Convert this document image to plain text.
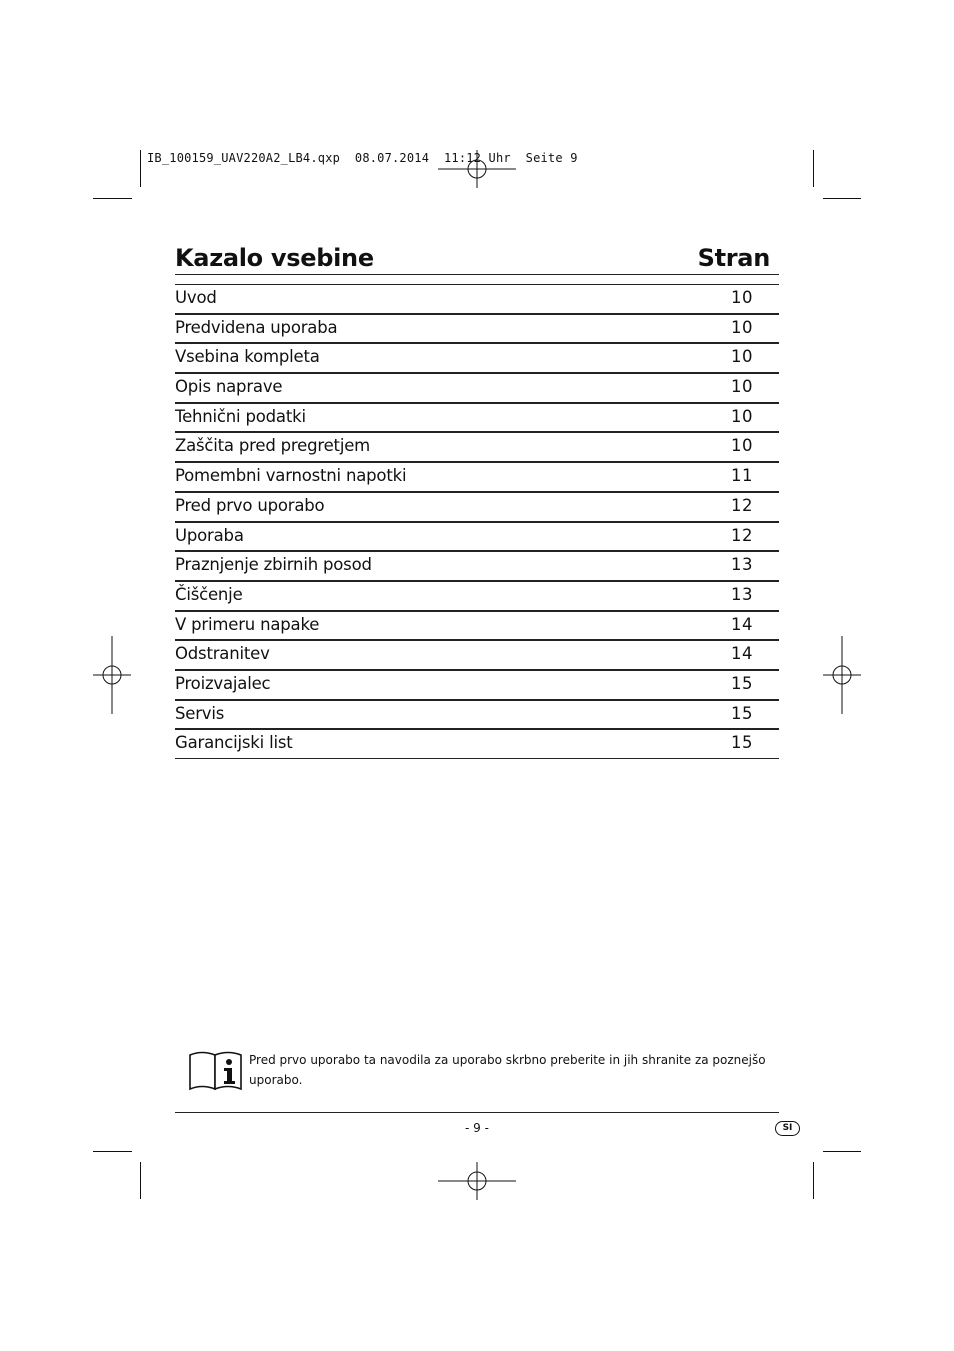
IB_100159_UAV220A2_LB4.qxp  08.07.2014  11:12 Uhr  Seite 9
Kazalo vsebine	Stran
Uvod	10
Predvidena uporaba	10
Vsebina kompleta	10
Opis naprave	10
Tehnični podatki	10
Zaščita pred pregretjem	10
Pomembni varnostni napotki	11
Pred prvo uporabo	12
Uporaba	12
Praznjenje zbirnih posod	13
Čiščenje	13
V primeru napake	14
Odstranitev	14
Proizvajalec	15
Servis	15
Garancijski list	15
Pred prvo uporabo ta navodila za uporabo skrbno preberite in jih shranite za poznejšo uporabo.
- 9 -	SI
